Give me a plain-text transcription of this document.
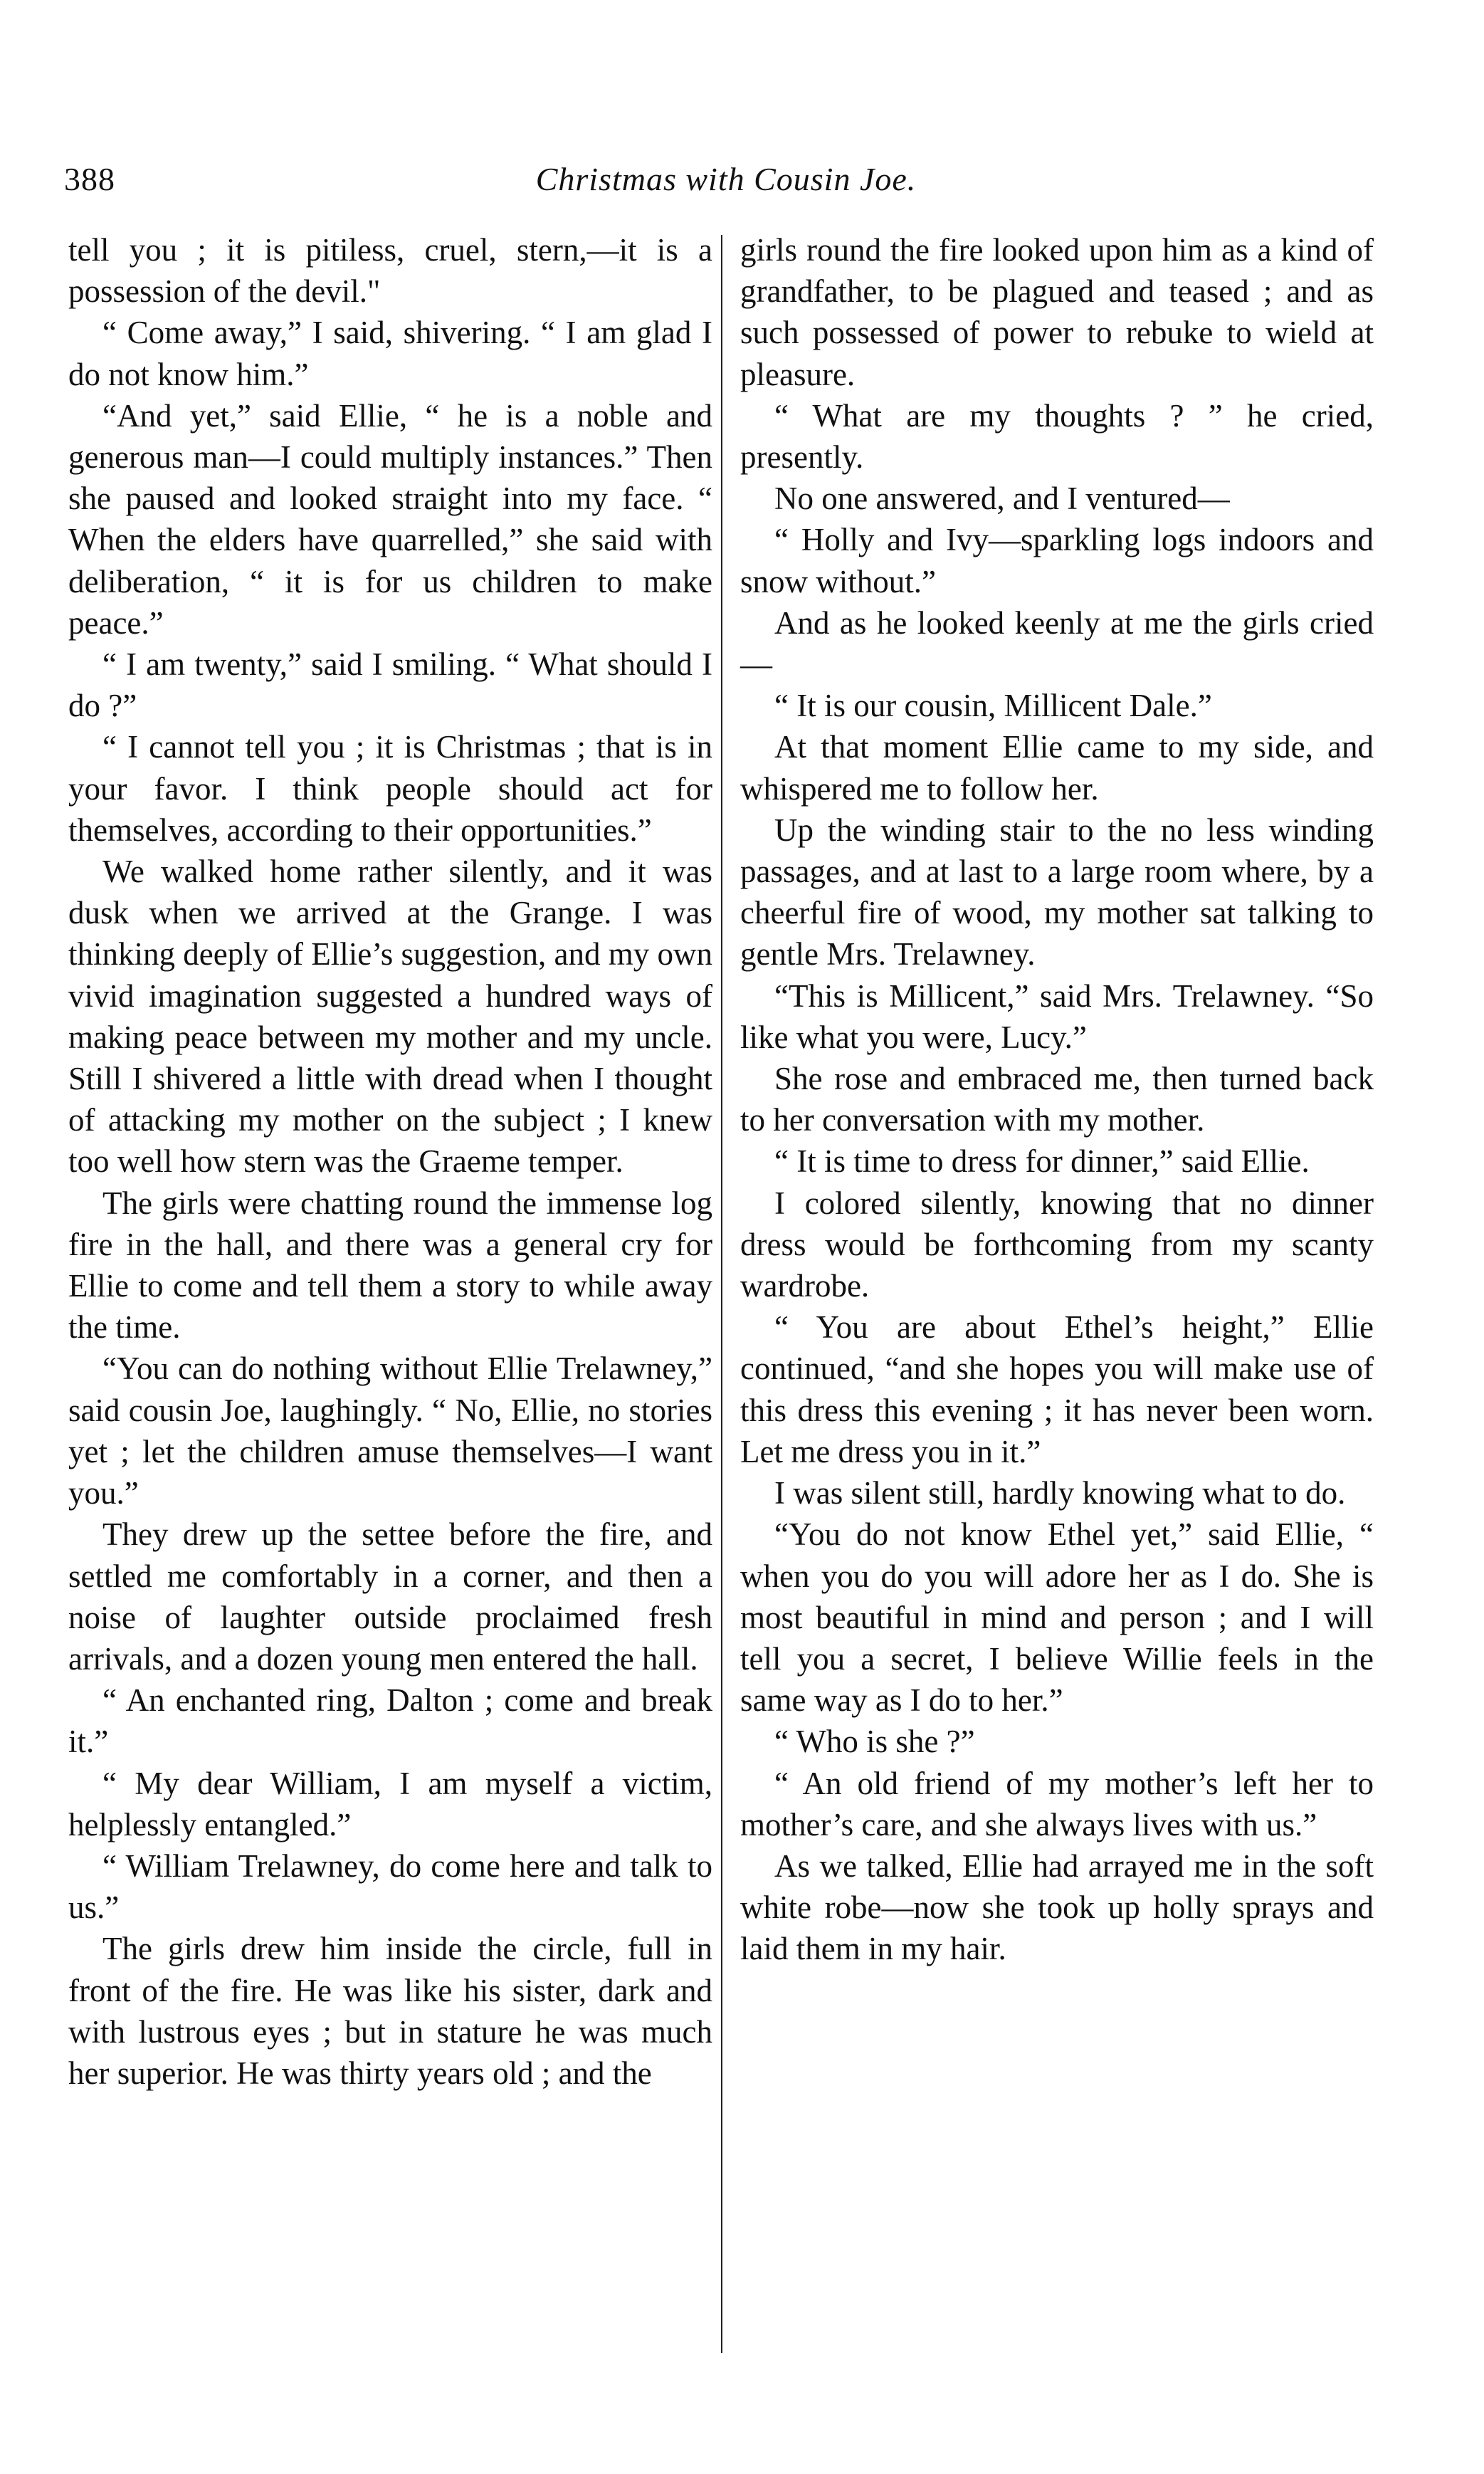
388	Christmas with Cousin Joe.

tell you ; it is pitiless, cruel, stern,—it is a possession of the devil."

“ Come away,” I said, shivering. “ I am glad I do not know him.”

“And yet,” said Ellie, “ he is a noble and generous man—I could multiply instances.” Then she paused and looked straight into my face. “ When the elders have quarrelled,” she said with deliberation, “ it is for us children to make peace.”

“ I am twenty,” said I smiling. “ What should I do ?”

“ I cannot tell you ; it is Christmas ; that is in your favor. I think people should act for themselves, according to their opportunities.”

We walked home rather silently, and it was dusk when we arrived at the Grange. I was thinking deeply of Ellie’s suggestion, and my own vivid imagination suggested a hundred ways of making peace between my mother and my uncle. Still I shivered a little with dread when I thought of attacking my mother on the subject ; I knew too well how stern was the Graeme temper.

The girls were chatting round the immense log fire in the hall, and there was a general cry for Ellie to come and tell them a story to while away the time.

“You can do nothing without Ellie Trelawney,” said cousin Joe, laughingly. “ No, Ellie, no stories yet ; let the children amuse themselves—I want you.”

They drew up the settee before the fire, and settled me comfortably in a corner, and then a noise of laughter outside proclaimed fresh arrivals, and a dozen young men entered the hall.

“ An enchanted ring, Dalton ; come and break it.”

“ My dear William, I am myself a victim, helplessly entangled.”

“ William Trelawney, do come here and talk to us.”

The girls drew him inside the circle, full in front of the fire. He was like his sister, dark and with lustrous eyes ; but in stature he was much her superior. He was thirty years old ; and the

girls round the fire looked upon him as a kind of grandfather, to be plagued and teased ; and as such possessed of power to rebuke to wield at pleasure.

“ What are my thoughts ? ” he cried, presently.

No one answered, and I ventured—

“ Holly and Ivy—sparkling logs indoors and snow without.”

And as he looked keenly at me the girls cried—

“ It is our cousin, Millicent Dale.”

At that moment Ellie came to my side, and whispered me to follow her.

Up the winding stair to the no less winding passages, and at last to a large room where, by a cheerful fire of wood, my mother sat talking to gentle Mrs. Trelawney.

“This is Millicent,” said Mrs. Trelawney. “So like what you were, Lucy.”

She rose and embraced me, then turned back to her conversation with my mother.

“ It is time to dress for dinner,” said Ellie.

I colored silently, knowing that no dinner dress would be forthcoming from my scanty wardrobe.

“ You are about Ethel’s height,” Ellie continued, “and she hopes you will make use of this dress this evening ; it has never been worn. Let me dress you in it.”

I was silent still, hardly knowing what to do.

“You do not know Ethel yet,” said Ellie, “ when you do you will adore her as I do. She is most beautiful in mind and person ; and I will tell you a secret, I believe Willie feels in the same way as I do to her.”

“ Who is she ?”

“ An old friend of my mother’s left her to mother’s care, and she always lives with us.”

As we talked, Ellie had arrayed me in the soft white robe—now she took up holly sprays and laid them in my hair.
